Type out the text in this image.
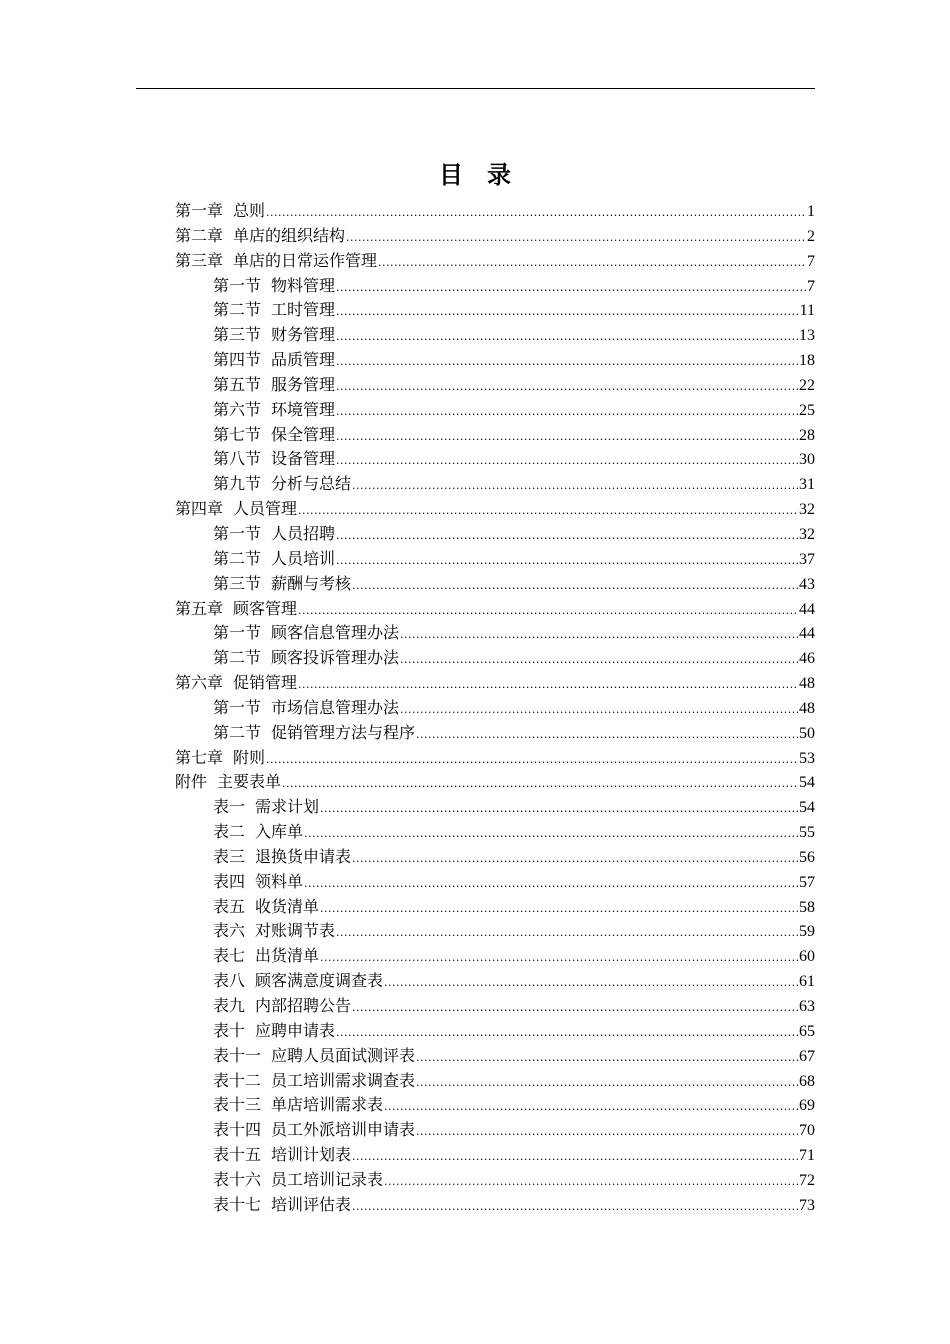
目　录
第一章 总则 .....	1
第二章 单店的组织结构 .....	2
第三章 单店的日常运作管理 .....	7
第一节 物料管理 .....	7
第二节 工时管理 .....	11
第三节 财务管理 .....	13
第四节 品质管理 .....	18
第五节 服务管理 .....	22
第六节 环境管理 .....	25
第七节 保全管理 .....	28
第八节 设备管理 .....	30
第九节 分析与总结 .....	31
第四章 人员管理 .....	32
第一节 人员招聘 .....	32
第二节 人员培训 .....	37
第三节 薪酬与考核 .....	43
第五章 顾客管理 .....	44
第一节 顾客信息管理办法 .....	44
第二节 顾客投诉管理办法 .....	46
第六章 促销管理 .....	48
第一节 市场信息管理办法 .....	48
第二节 促销管理方法与程序 .....	50
第七章 附则 .....	53
附件 主要表单 .....	54
表一 需求计划 .....	54
表二 入库单 .....	55
表三 退换货申请表 .....	56
表四 领料单 .....	57
表五 收货清单 .....	58
表六 对账调节表 .....	59
表七 出货清单 .....	60
表八 顾客满意度调查表 .....	61
表九 内部招聘公告 .....	63
表十 应聘申请表 .....	65
表十一 应聘人员面试测评表 .....	67
表十二 员工培训需求调查表 .....	68
表十三 单店培训需求表 .....	69
表十四 员工外派培训申请表 .....	70
表十五 培训计划表 .....	71
表十六 员工培训记录表 .....	72
表十七 培训评估表 .....	73
